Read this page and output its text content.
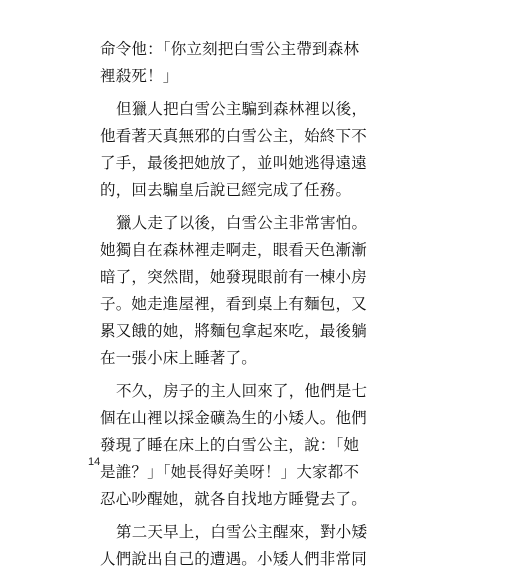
命令他：「你立刻把白雪公主帶到森林
裡殺死！」
但獵人把白雪公主騙到森林裡以後，
他看著天真無邪的白雪公主，始終下不
了手，最後把她放了，並叫她逃得遠遠
的，回去騙皇后說已經完成了任務。
獵人走了以後，白雪公主非常害怕。
她獨自在森林裡走啊走，眼看天色漸漸
暗了，突然間，她發現眼前有一棟小房
子。她走進屋裡，看到桌上有麵包，又
累又餓的她，將麵包拿起來吃，最後躺
在一張小床上睡著了。
不久，房子的主人回來了，他們是七
個在山裡以採金礦為生的小矮人。他們
發現了睡在床上的白雪公主，說：「她
是誰？」「她長得好美呀！」大家都不
忍心吵醒她，就各自找地方睡覺去了。
第二天早上，白雪公主醒來，對小矮
人們說出自己的遭遇。小矮人們非常同
14
